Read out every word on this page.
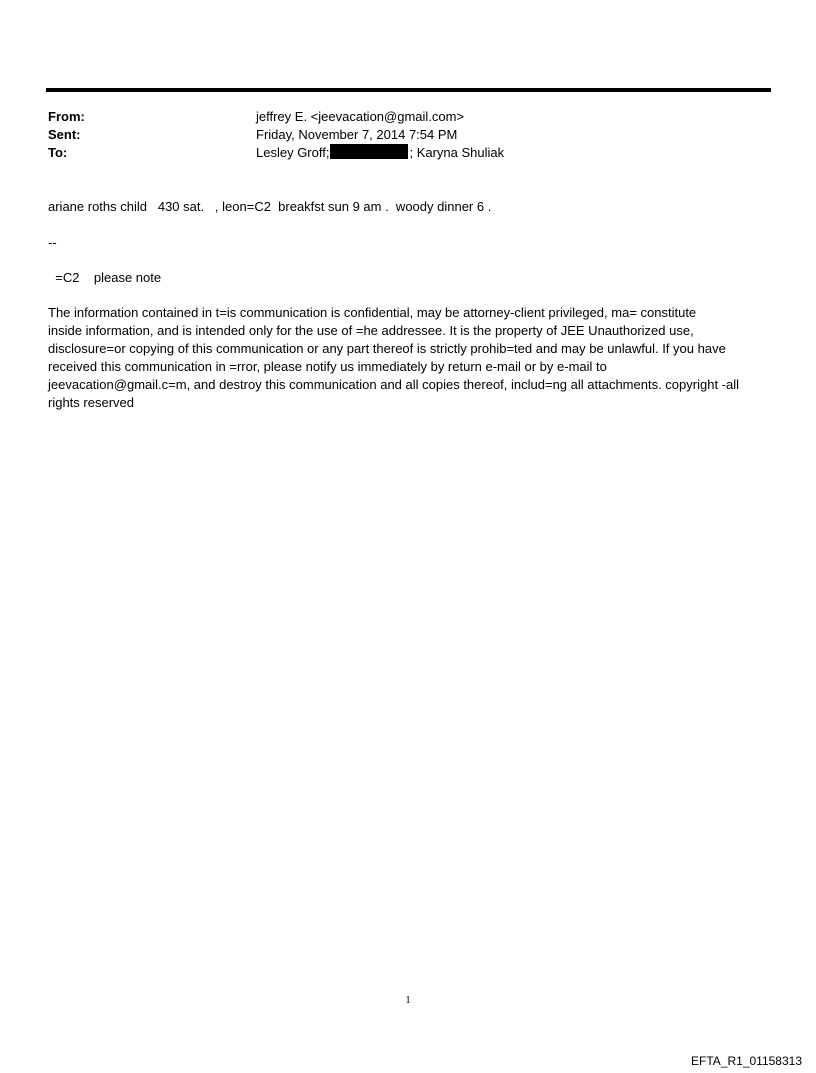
From:	jeffrey E. <jeevacation@gmail.com>
Sent:	Friday, November 7, 2014 7:54 PM
To:	Lesley Groff;	; Karyna Shuliak
ariane roths child   430 sat.   , leon=C2  breakfst sun 9 am .  woody dinner 6 .
--
=C2    please note
The information contained in t=is communication is confidential, may be attorney-client privileged, ma= constitute
inside information, and is intended only for the use of =he addressee. It is the property of JEE Unauthorized use,
disclosure=or copying of this communication or any part thereof is strictly prohib=ted and may be unlawful. If you have
received this communication in =rror, please notify us immediately by return e-mail or by e-mail to
jeevacation@gmail.c=m, and destroy this communication and all copies thereof, includ=ng all attachments. copyright -all
rights reserved
1
EFTA_R1_01158313
